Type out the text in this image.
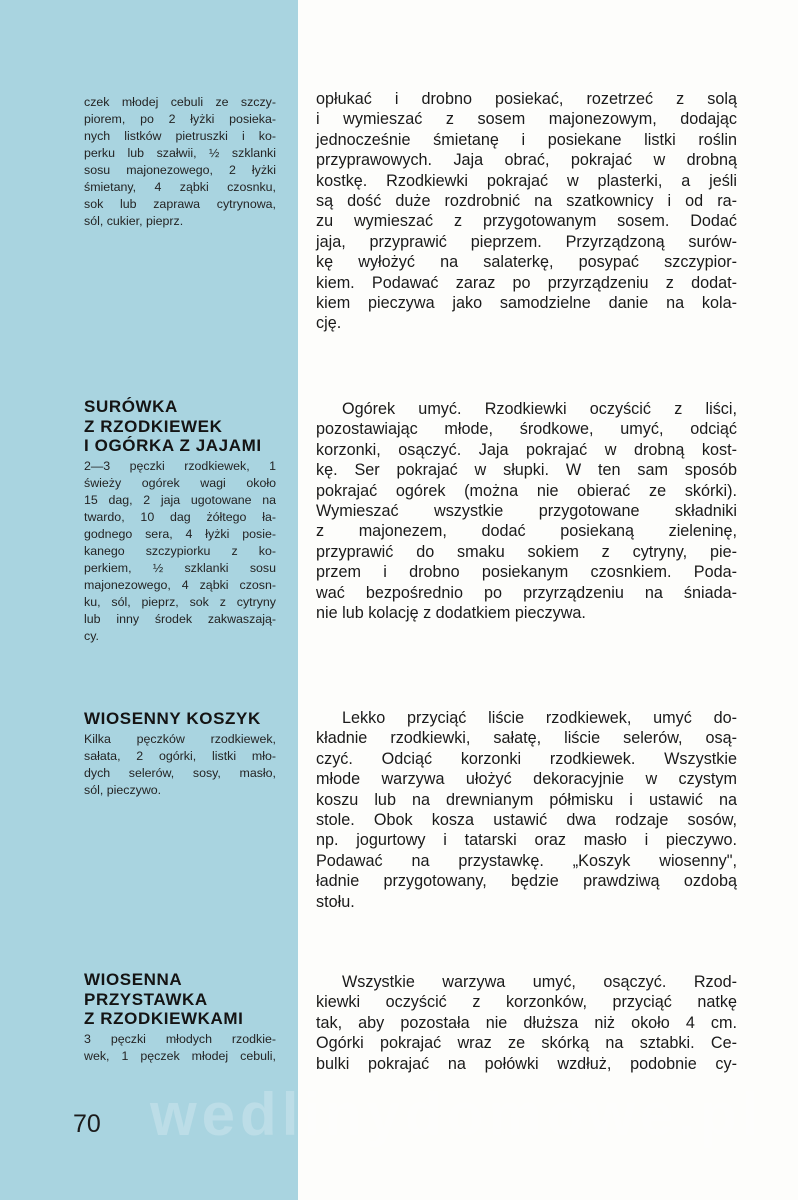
czek młodej cebuli ze szczy-
piorem, po 2 łyżki posieka-
nych listków pietruszki i ko-
perku lub szałwii, ½ szklanki
sosu majonezowego, 2 łyżki
śmietany, 4 ząbki czosnku,
sok lub zaprawa cytrynowa,
sól, cukier, pieprz.

opłukać i drobno posiekać, rozetrzeć z solą
i wymieszać z sosem majonezowym, dodając
jednocześnie śmietanę i posiekane listki roślin
przyprawowych. Jaja obrać, pokrajać w drobną
kostkę. Rzodkiewki pokrajać w plasterki, a jeśli
są dość duże rozdrobnić na szatkownicy i od ra-
zu wymieszać z przygotowanym sosem. Dodać
jaja, przyprawić pieprzem. Przyrządzoną surów-
kę wyłożyć na salaterkę, posypać szczypior-
kiem. Podawać zaraz po przyrządzeniu z dodat-
kiem pieczywa jako samodzielne danie na kola-
cję.

SURÓWKA
Z RZODKIEWEK
I OGÓRKA Z JAJAMI

2—3 pęczki rzodkiewek, 1
świeży ogórek wagi około
15 dag, 2 jaja ugotowane na
twardo, 10 dag żółtego ła-
godnego sera, 4 łyżki posie-
kanego szczypiorku z ko-
perkiem, ½ szklanki sosu
majonezowego, 4 ząbki czosn-
ku, sól, pieprz, sok z cytryny
lub inny środek zakwaszają-
cy.

Ogórek umyć. Rzodkiewki oczyścić z liści,
pozostawiając młode, środkowe, umyć, odciąć
korzonki, osączyć. Jaja pokrajać w drobną kost-
kę. Ser pokrajać w słupki. W ten sam sposób
pokrajać ogórek (można nie obierać ze skórki).
Wymieszać wszystkie przygotowane składniki
z majonezem, dodać posiekaną zieleninę,
przyprawić do smaku sokiem z cytryny, pie-
przem i drobno posiekanym czosnkiem. Poda-
wać bezpośrednio po przyrządzeniu na śniada-
nie lub kolację z dodatkiem pieczywa.

WIOSENNY KOSZYK

Kilka pęczków rzodkiewek,
sałata, 2 ogórki, listki mło-
dych selerów, sosy, masło,
sól, pieczywo.

Lekko przyciąć liście rzodkiewek, umyć do-
kładnie rzodkiewki, sałatę, liście selerów, osą-
czyć. Odciąć korzonki rzodkiewek. Wszystkie
młode warzywa ułożyć dekoracyjnie w czystym
koszu lub na drewnianym półmisku i ustawić na
stole. Obok kosza ustawić dwa rodzaje sosów,
np. jogurtowy i tatarski oraz masło i pieczywo.
Podawać na przystawkę. „Koszyk wiosenny",
ładnie przygotowany, będzie prawdziwą ozdobą
stołu.

WIOSENNA
PRZYSTAWKA
Z RZODKIEWKAMI

3 pęczki młodych rzodkie-
wek, 1 pęczek młodej cebuli,

Wszystkie warzywa umyć, osączyć. Rzod-
kiewki oczyścić z korzonków, przyciąć natkę
tak, aby pozostała nie dłuższa niż około 4 cm.
Ogórki pokrajać wraz ze skórką na sztabki. Ce-
bulki pokrajać na połówki wzdłuż, podobnie cy-

wedlinydomowe.pl
70
